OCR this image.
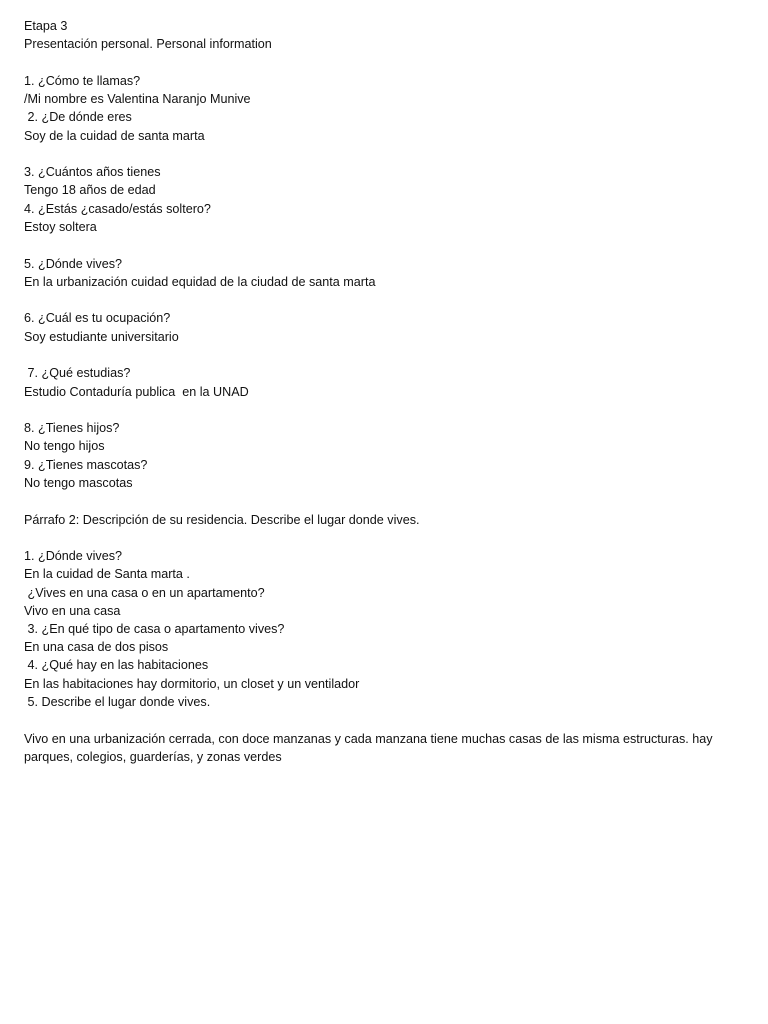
Etapa 3
Presentación personal. Personal information
1. ¿Cómo te llamas?
/Mi nombre es Valentina Naranjo Munive
2. ¿De dónde eres
Soy de la cuidad de santa marta
3. ¿Cuántos años tienes
Tengo 18 años de edad
4. ¿Estás ¿casado/estás soltero?
Estoy soltera
5. ¿Dónde vives?
En la urbanización cuidad equidad de la ciudad de santa marta
6. ¿Cuál es tu ocupación?
Soy estudiante universitario
7. ¿Qué estudias?
Estudio Contaduría publica  en la UNAD
8. ¿Tienes hijos?
No tengo hijos
9. ¿Tienes mascotas?
No tengo mascotas
Párrafo 2: Descripción de su residencia. Describe el lugar donde vives.
1. ¿Dónde vives?
En la cuidad de Santa marta .
¿Vives en una casa o en un apartamento?
Vivo en una casa
3. ¿En qué tipo de casa o apartamento vives?
En una casa de dos pisos
4. ¿Qué hay en las habitaciones
En las habitaciones hay dormitorio, un closet y un ventilador
5. Describe el lugar donde vives.
Vivo en una urbanización cerrada, con doce manzanas y cada manzana tiene muchas casas de las misma estructuras. hay parques, colegios, guarderías, y zonas verdes
